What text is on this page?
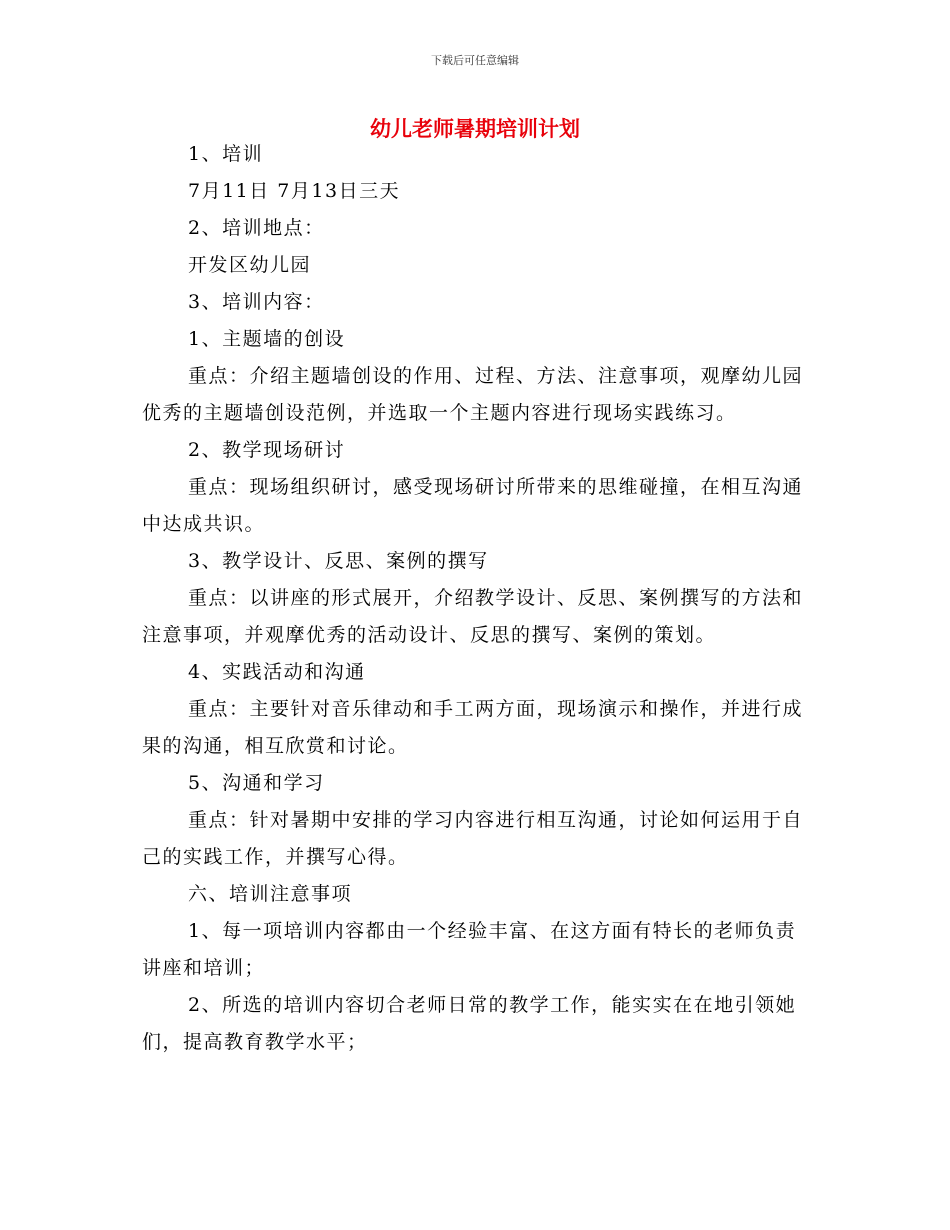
下载后可任意编辑
幼儿老师暑期培训计划

1、培训

7月11日 7月13日三天

2、培训地点：

开发区幼儿园

3、培训内容：

1、主题墙的创设

重点：介绍主题墙创设的作用、过程、方法、注意事项，观摩幼儿园优秀的主题墙创设范例，并选取一个主题内容进行现场实践练习。

2、教学现场研讨

重点：现场组织研讨，感受现场研讨所带来的思维碰撞，在相互沟通中达成共识。

3、教学设计、反思、案例的撰写

重点：以讲座的形式展开，介绍教学设计、反思、案例撰写的方法和注意事项，并观摩优秀的活动设计、反思的撰写、案例的策划。

4、实践活动和沟通

重点：主要针对音乐律动和手工两方面，现场演示和操作，并进行成果的沟通，相互欣赏和讨论。

5、沟通和学习

重点：针对暑期中安排的学习内容进行相互沟通，讨论如何运用于自己的实践工作，并撰写心得。

六、培训注意事项

1、每一项培训内容都由一个经验丰富、在这方面有特长的老师负责讲座和培训；

2、所选的培训内容切合老师日常的教学工作，能实实在在地引领她们，提高教育教学水平；
